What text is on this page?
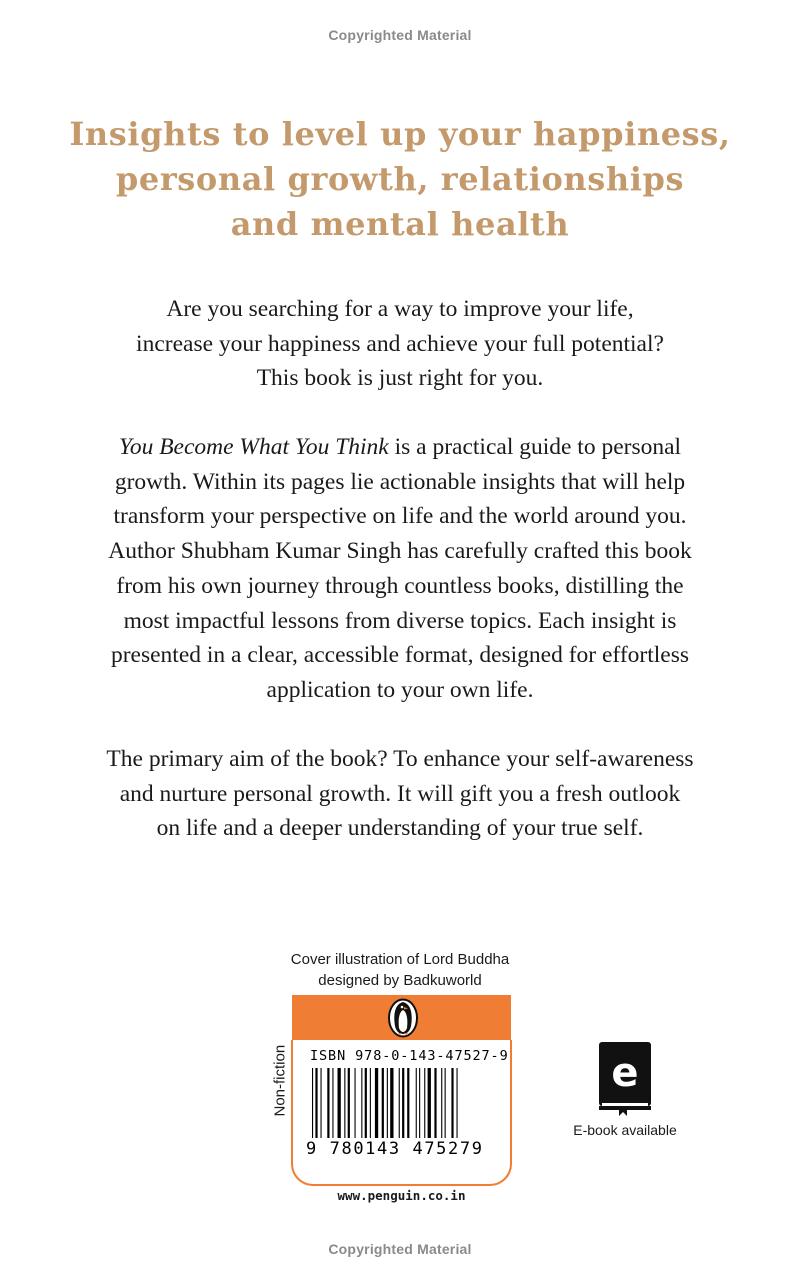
Copyrighted Material
Insights to level up your happiness,
personal growth, relationships
and mental health
Are you searching for a way to improve your life,
increase your happiness and achieve your full potential?
This book is just right for you.
You Become What You Think is a practical guide to personal
growth. Within its pages lie actionable insights that will help
transform your perspective on life and the world around you.
Author Shubham Kumar Singh has carefully crafted this book
from his own journey through countless books, distilling the
most impactful lessons from diverse topics. Each insight is
presented in a clear, accessible format, designed for effortless
application to your own life.
The primary aim of the book? To enhance your self-awareness
and nurture personal growth. It will gift you a fresh outlook
on life and a deeper understanding of your true self.
Cover illustration of Lord Buddha
designed by Badkuworld
ISBN 978-0-143-47527-9
9 780143 475279
Non-fiction
www.penguin.co.in
e
E-book available
Copyrighted Material
